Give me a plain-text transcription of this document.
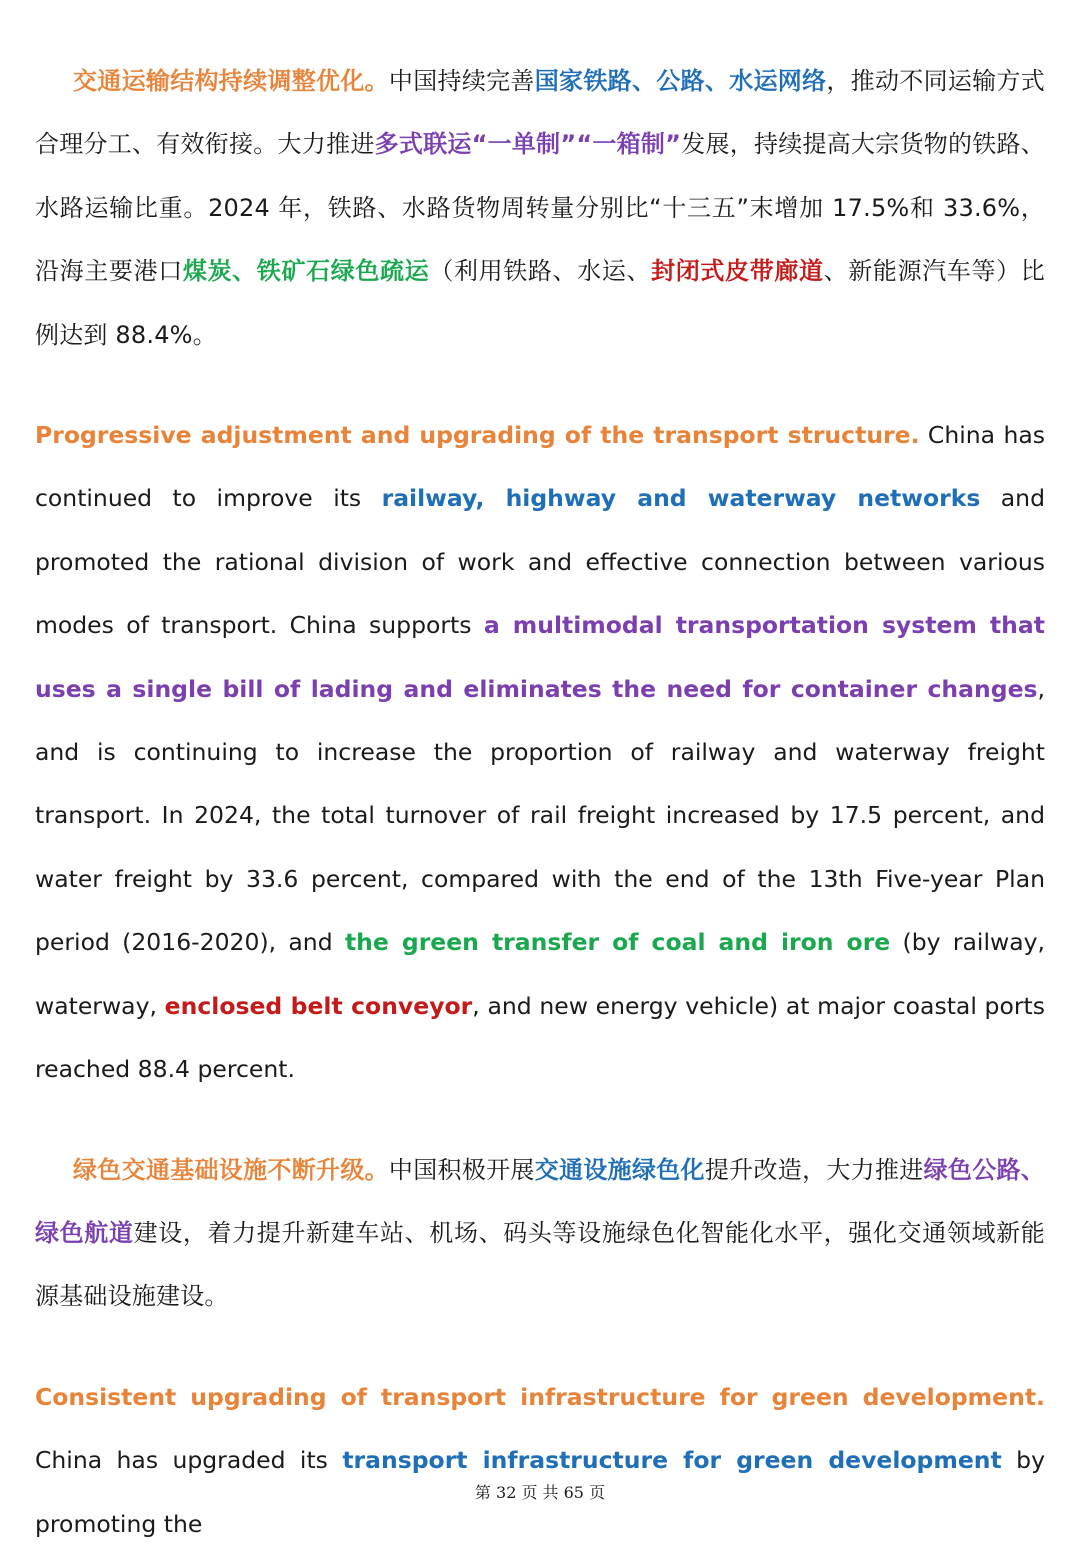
交通运输结构持续调整优化。中国持续完善国家铁路、公路、水运网络，推动不同运输方式合理分工、有效衔接。大力推进多式联运“一单制”“一箱制”发展，持续提高大宗货物的铁路、水路运输比重。2024 年，铁路、水路货物周转量分别比“十三五”末增加 17.5%和 33.6%，沿海主要港口煤炭、铁矿石绿色疏运（利用铁路、水运、封闭式皮带廊道、新能源汽车等）比例达到 88.4%。

Progressive adjustment and upgrading of the transport structure. China has continued to improve its railway, highway and waterway networks and promoted the rational division of work and effective connection between various modes of transport. China supports a multimodal transportation system that uses a single bill of lading and eliminates the need for container changes, and is continuing to increase the proportion of railway and waterway freight transport. In 2024, the total turnover of rail freight increased by 17.5 percent, and water freight by 33.6 percent, compared with the end of the 13th Five-year Plan period (2016-2020), and the green transfer of coal and iron ore (by railway, waterway, enclosed belt conveyor, and new energy vehicle) at major coastal ports reached 88.4 percent.

绿色交通基础设施不断升级。中国积极开展交通设施绿色化提升改造，大力推进绿色公路、绿色航道建设，着力提升新建车站、机场、码头等设施绿色化智能化水平，强化交通领域新能源基础设施建设。

Consistent upgrading of transport infrastructure for green development. China has upgraded its transport infrastructure for green development by promoting the

第 32 页 共 65 页
